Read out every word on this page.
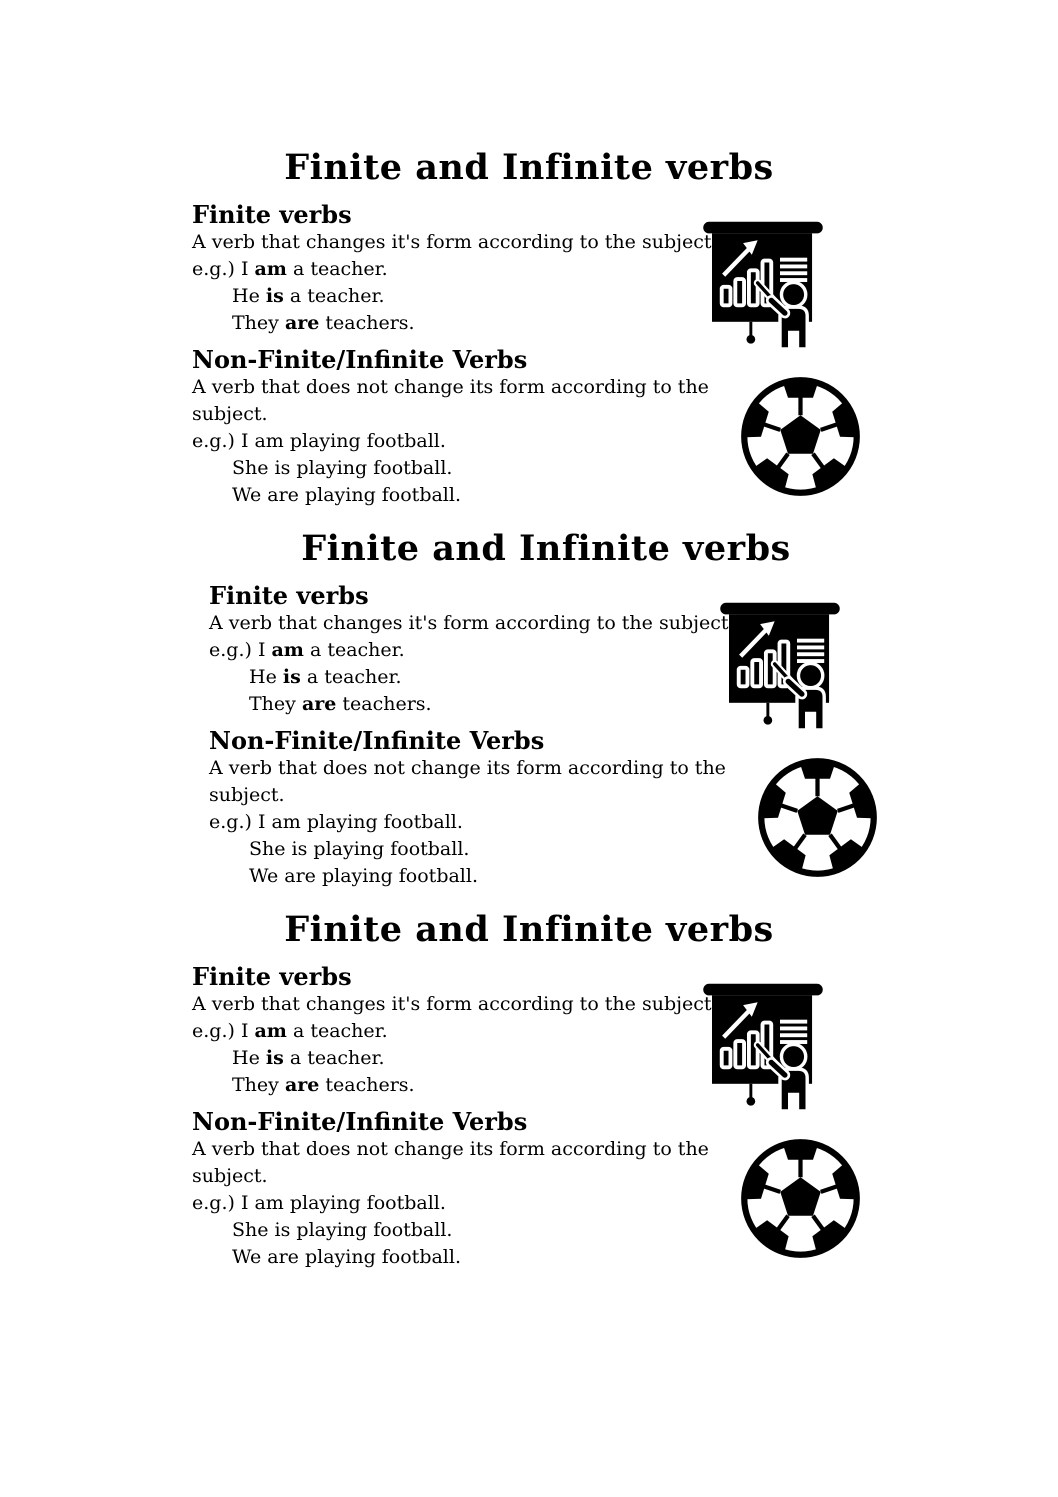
Finite and Infinite verbs
Finite verbs

A verb that changes it's form according to the subject.

e.g.) I am a teacher.

He is a teacher.

They are teachers.

Non-Finite/Infinite Verbs

A verb that does not change its form according to the subject.

e.g.) I am playing football.

She is playing football.

We are playing football.

Finite and Infinite verbs
Finite verbs

A verb that changes it's form according to the subject.

e.g.) I am a teacher.

He is a teacher.

They are teachers.

Non-Finite/Infinite Verbs

A verb that does not change its form according to the subject.

e.g.) I am playing football.

She is playing football.

We are playing football.

Finite and Infinite verbs
Finite verbs

A verb that changes it's form according to the subject.

e.g.) I am a teacher.

He is a teacher.

They are teachers.

Non-Finite/Infinite Verbs

A verb that does not change its form according to the subject.

e.g.) I am playing football.

She is playing football.

We are playing football.
